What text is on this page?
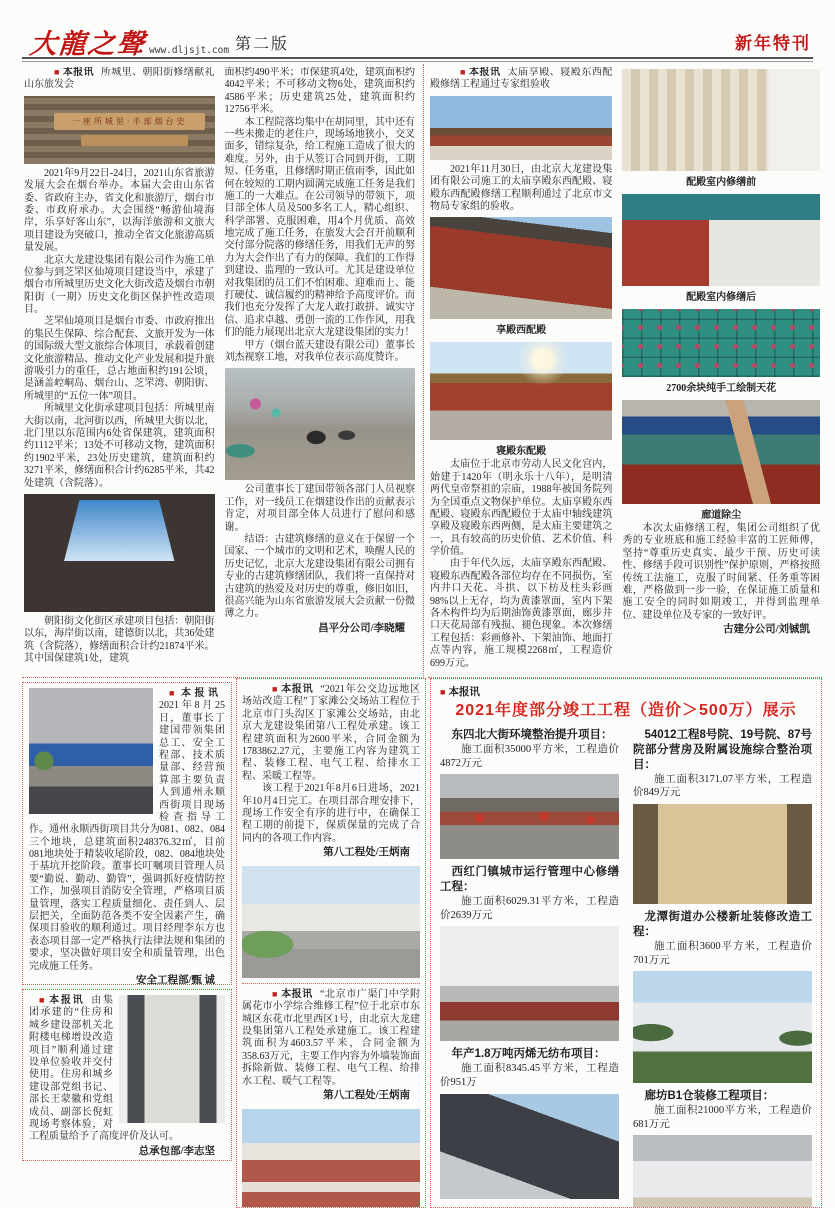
大龍之聲 www.dljsjt.com 第二版	新年特刊

■ 本报讯 所城里、朝阳街修缮献礼山东旅发会

一座所城里·半部烟台史

2021年9月22日-24日，2021山东省旅游发展大会在烟台举办。本届大会由山东省委、省政府主办，省文化和旅游厅，烟台市委、市政府承办。大会围绕“畅游仙境海岸，乐享好客山东”，以海洋旅游和文旅大项目建设为突破口，推动全省文化旅游高质量发展。

北京大龙建设集团有限公司作为施工单位参与到芝罘区仙境项目建设当中，承建了烟台市所城里历史文化大街改造及烟台市朝阳街（一期）历史文化街区保护性改造项目。

芝罘仙境项目是烟台市委、市政府推出的集民生保障、综合配套、文旅开发为一体的国际级大型文旅综合体项目，承载着创建文化旅游精品、推动文化产业发展和提升旅游吸引力的重任，总占地面积约191公顷，是涵盖崆峒岛、烟台山、芝罘湾、朝阳街、所城里的“五位一体”项目。

所城里文化街承建项目包括：所城里南大街以南，北河街以西，所城里大街以北，北门里以东范围内6处省保建筑，建筑面积约1112平米；13处不可移动文物，建筑面积约1902平米，23处历史建筑，建筑面积约3271平米，修缮面积合计约6285平米，共42处建筑（含院落）。

朝阳街文化街区承建项目包括：朝阳街以东，海岸街以南，建德街以北，共36处建筑（含院落），修缮面积合计约21874平米。其中国保建筑1处，建筑

面积约490平米；市保建筑4处，建筑面积约4042平米；不可移动文物6处，建筑面积约4586平米；历史建筑25处，建筑面积约12756平米。

本工程院落均集中在胡同里，其中还有一些未搬走的老住户，现场场地狭小，交叉面多，错综复杂，给工程施工造成了很大的难度。另外，由于从签订合同到开街，工期短、任务重，且修缮时期正值雨季，因此如何在较短的工期内圆满完成施工任务是我们施工的一大难点。在公司领导的带领下，项目部全体人员及500多名工人，精心组织、科学部署、克服困难，用4个月优质、高效地完成了施工任务，在旅发大会召开前顺利交付部分院落的修缮任务，用我们无声的努力为大会作出了有力的保障。我们的工作得到建设、监理的一致认可。尤其是建设单位对我集团的员工们不怕困难、迎难而上、能打硬仗、诚信履约的精神给予高度评价。而我们也充分发挥了大龙人敢打敢拼、诚实守信、追求卓越、勇创一流的工作作风，用我们的能力展现出北京大龙建设集团的实力！

甲方（烟台蓝天建设有限公司）董事长刘杰视察工地，对我单位表示高度赞许。

公司董事长丁建国带领各部门人员视察工作，对一线员工在烟建设作出的贡献表示肯定，对项目部全体人员进行了慰问和感谢。

结语：古建筑修缮的意义在于保留一个国家、一个城市的文明和艺术，唤醒人民的历史记忆，北京大龙建设集团有限公司拥有专业的古建筑修缮团队，我们将一直保持对古建筑的热爱及对历史的尊重，修旧如旧，很高兴能为山东省旅游发展大会贡献一份微薄之力。

昌平分公司/李晓耀

■ 本报讯 太庙享殿、寝殿东西配殿修缮工程通过专家组验收

2021年11月30日，由北京大龙建设集团有限公司施工的太庙享殿东西配殿、寝殿东西配殿修缮工程顺利通过了北京市文物局专家组的验收。

享殿西配殿

寝殿东配殿

太庙位于北京市劳动人民文化宫内，始建于1420年（明永乐十八年），是明清两代皇帝祭祖的宗庙，1988年被国务院列为全国重点文物保护单位。太庙享殿东西配殿、寝殿东西配殿位于太庙中轴线建筑享殿及寝殿东西两侧，是太庙主要建筑之一，具有较高的历史价值、艺术价值、科学价值。

由于年代久远，太庙享殿东西配殿、寝殿东西配殿各部位均存在不同损伤，室内井口天花、斗拱、以下枋及柱头彩画98%以上无存，均为黄漆罩面，室内下架各木构件均为后期油饰黄漆罩面，廊步井口天花局部有残损、褪色现象。本次修缮工程包括：彩画修补、下架油饰、地面打点等内容，施工规模2268㎡，工程造价699万元。

配殿室内修缮前

配殿室内修缮后

2700余块纯手工绘制天花

廊道除尘

本次太庙修缮工程，集团公司组织了优秀的专业班底和施工经验丰富的工匠师傅，坚持“尊重历史真实、最少干预、历史可读性、修缮手段可识别性”保护原则，严格按照传统工法施工，克服了时间紧、任务重等困难，严格做到一步一验，在保证施工质量和施工安全的同时如期竣工，并得到监理单位、建设单位及专家的一致好评。

古建分公司/刘铖凯

■ 本报讯2021年8月25日，董事长丁建国带领集团总工、安全工程部、技术质量部、经营预算部主要负责人到通州永顺西街项目现场检查指导工作。通州永顺西街项目共分为081、082、084三个地块，总建筑面积248376.32㎡，目前081地块处于精装收尾阶段，082、084地块处于基坑开挖阶段。董事长叮嘱项目管理人员要“勤说、勤动、勤管”，强调抓好疫情防控工作，加强项目消防安全管理，严格项目质量管理，落实工程质量细化、责任到人、层层把关，全面防范各类不安全因素产生，确保项目验收的顺利通过。项目经理李东方也表态项目部一定严格执行法律法规和集团的要求，坚决做好项目安全和质量管理，出色完成施工任务。

安全工程部/甄 诚

■ 本报讯 由集团承建的“住房和城乡建设部机关北附楼电梯增设改造项目”顺利通过建设单位验收并交付使用。住房和城乡建设部党组书记、部长王蒙徽和党组成员、副部长倪虹现场考察体验，对工程质量给予了高度评价及认可。

总承包部/李志坚

■ 本报讯 “2021年公交边远地区场站改造工程”丁家滩公交场站工程位于北京市门头沟区丁家滩公交场站，由北京大龙建设集团第八工程处承建。该工程建筑面积为2600平米，合同金额为1783862.27元，主要施工内容为建筑工程、装修工程、电气工程、给排水工程、采暖工程等。

该工程于2021年8月6日进场，2021年10月4日完工。在项目部合理安排下，现场工作安全有序的进行中，在确保工程工期的前提下，保质保量的完成了合同内的各项工作内容。

第八工程处/王炳南

■ 本报讯 “北京市广渠门中学附属花市小学综合维修工程”位于北京市东城区东花市北里西区1号，由北京大龙建设集团第八工程处承建施工。该工程建筑面积为4603.57平米，合同金额为358.63万元，主要工作内容为外墙装饰面拆除新做、装修工程、电气工程、给排水工程、暖气工程等。

第八工程处/王炳南

■ 本报讯

2021年度部分竣工工程（造价＞500万）展示

东四北大街环境整治提升项目：

施工面积35000平方米，工程造价4872万元

西红门镇城市运行管理中心修缮工程：

施工面积6029.31平方米，工程造价2639万元

年产1.8万吨丙烯无纺布项目：

施工面积8345.45平方米，工程造价951万

54012工程8号院、19号院、87号院部分营房及附属设施综合整治项目：

施工面积3171.07平方米，工程造价849万元

龙潭街道办公楼新址装修改造工程：

施工面积3600平方米，工程造价701万元

廊坊B1仓装修工程项目：

施工面积21000平方米，工程造价681万元
